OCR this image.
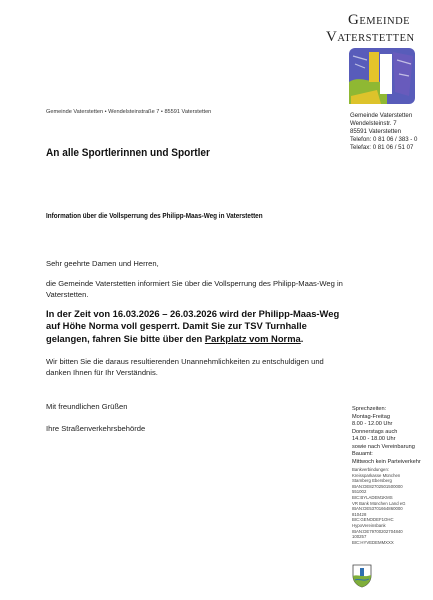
GEMEINDE
VATERSTETTEN
Gemeinde Vaterstetten • Wendelsteinstraße 7 • 85591 Vaterstetten	Gemeinde Vaterstetten
Wendelsteinstr. 7
85591 Vaterstetten
Telefon: 0 81 06 / 383 - 0
Telefax: 0 81 06 / 51 07
An alle Sportlerinnen und Sportler
Information über die Vollsperrung des Philipp-Maas-Weg in Vaterstetten
Sehr geehrte Damen und Herren,
die Gemeinde Vaterstetten informiert Sie über die Vollsperrung des Philipp-Maas-Weg in Vaterstetten.
In der Zeit von 16.03.2026 – 26.03.2026 wird der Philipp-Maas-Weg auf Höhe Norma voll gesperrt. Damit Sie zur TSV Turnhalle gelangen, fahren Sie bitte über den Parkplatz vom Norma.
Wir bitten Sie die daraus resultierenden Unannehmlichkeiten zu entschuldigen und danken Ihnen für Ihr Verständnis.
Mit freundlichen Grüßen
Ihre Straßenverkehrsbehörde
Sprechzeiten:
Montag-Freitag
8.00 - 12.00 Uhr
Donnerstags auch
14.00 - 18.00 Uhr
sowie nach Vereinbarung
Bauamt:
Mittwoch kein Parteiverkehr
Bankverbindungen:
Kreissparkasse München
Starnberg Ebersberg
IBAN:DE82702501500000
551002
BIC:BYLADEM1KMS
VR Bank München Land eG
IBAN:DE53701664860000
810428
BIC:GENODEF1OHC
HypoVereinsbank
IBAN:DE79700202704840
100257
BIC:HYVEDEMMXXX
